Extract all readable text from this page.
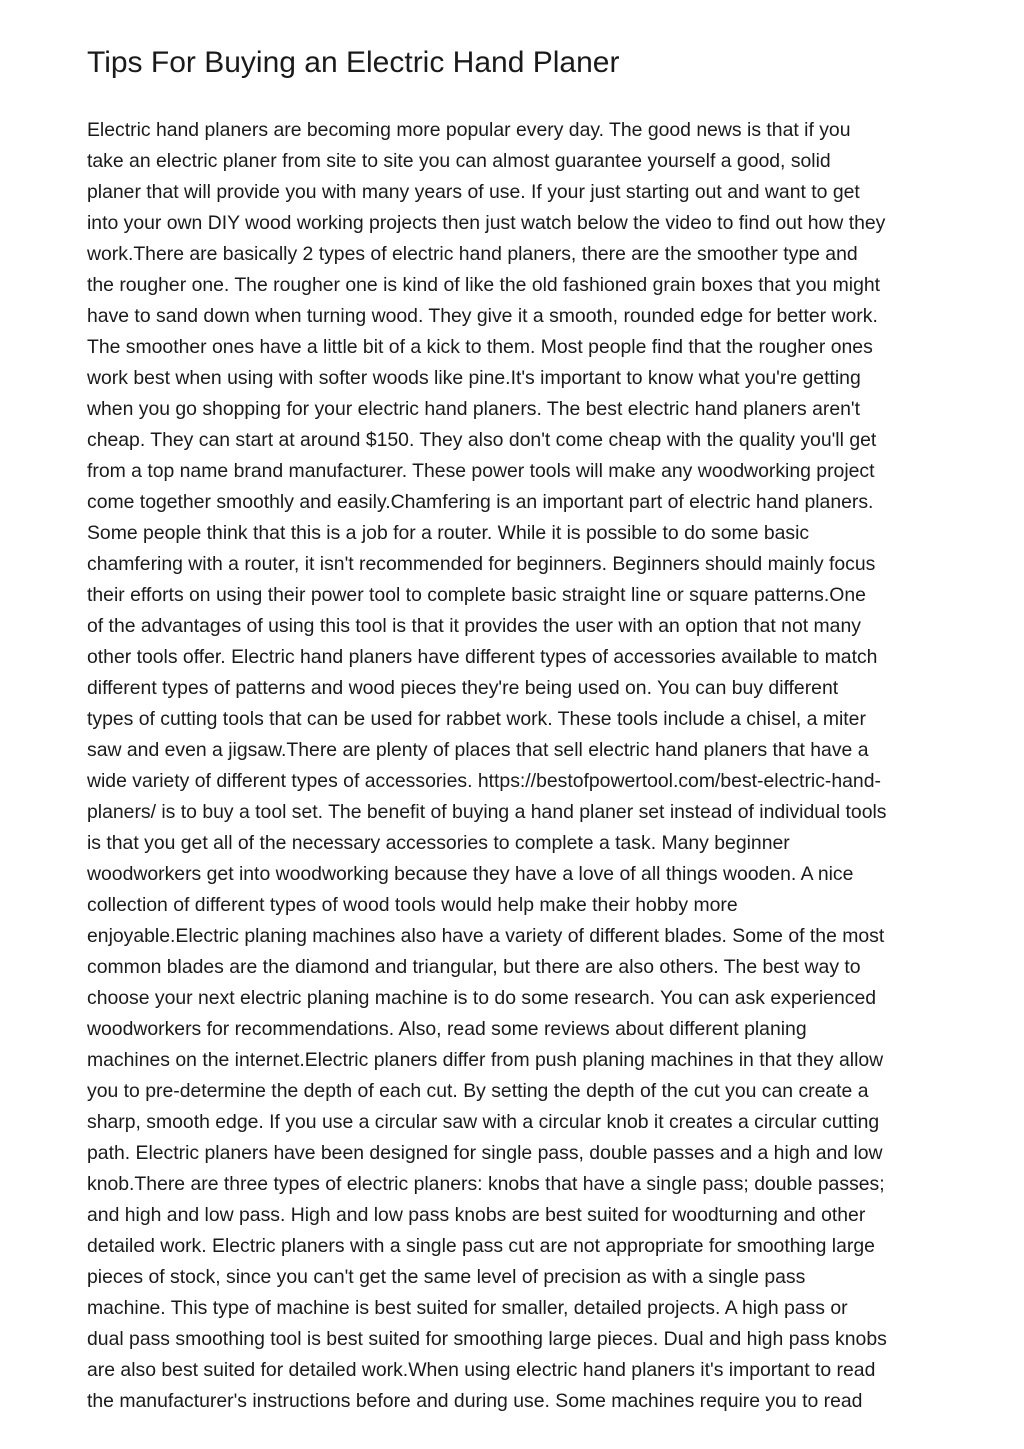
Tips For Buying an Electric Hand Planer
Electric hand planers are becoming more popular every day. The good news is that if you
take an electric planer from site to site you can almost guarantee yourself a good, solid
planer that will provide you with many years of use. If your just starting out and want to get
into your own DIY wood working projects then just watch below the video to find out how they
work.There are basically 2 types of electric hand planers, there are the smoother type and
the rougher one. The rougher one is kind of like the old fashioned grain boxes that you might
have to sand down when turning wood. They give it a smooth, rounded edge for better work.
The smoother ones have a little bit of a kick to them. Most people find that the rougher ones
work best when using with softer woods like pine.It's important to know what you're getting
when you go shopping for your electric hand planers. The best electric hand planers aren't
cheap. They can start at around $150. They also don't come cheap with the quality you'll get
from a top name brand manufacturer. These power tools will make any woodworking project
come together smoothly and easily.Chamfering is an important part of electric hand planers.
Some people think that this is a job for a router. While it is possible to do some basic
chamfering with a router, it isn't recommended for beginners. Beginners should mainly focus
their efforts on using their power tool to complete basic straight line or square patterns.One
of the advantages of using this tool is that it provides the user with an option that not many
other tools offer. Electric hand planers have different types of accessories available to match
different types of patterns and wood pieces they're being used on. You can buy different
types of cutting tools that can be used for rabbet work. These tools include a chisel, a miter
saw and even a jigsaw.There are plenty of places that sell electric hand planers that have a
wide variety of different types of accessories. https://bestofpowertool.com/best-electric-hand-
planers/ is to buy a tool set. The benefit of buying a hand planer set instead of individual tools
is that you get all of the necessary accessories to complete a task. Many beginner
woodworkers get into woodworking because they have a love of all things wooden. A nice
collection of different types of wood tools would help make their hobby more
enjoyable.Electric planing machines also have a variety of different blades. Some of the most
common blades are the diamond and triangular, but there are also others. The best way to
choose your next electric planing machine is to do some research. You can ask experienced
woodworkers for recommendations. Also, read some reviews about different planing
machines on the internet.Electric planers differ from push planing machines in that they allow
you to pre-determine the depth of each cut. By setting the depth of the cut you can create a
sharp, smooth edge. If you use a circular saw with a circular knob it creates a circular cutting
path. Electric planers have been designed for single pass, double passes and a high and low
knob.There are three types of electric planers: knobs that have a single pass; double passes;
and high and low pass. High and low pass knobs are best suited for woodturning and other
detailed work. Electric planers with a single pass cut are not appropriate for smoothing large
pieces of stock, since you can't get the same level of precision as with a single pass
machine. This type of machine is best suited for smaller, detailed projects. A high pass or
dual pass smoothing tool is best suited for smoothing large pieces. Dual and high pass knobs
are also best suited for detailed work.When using electric hand planers it's important to read
the manufacturer's instructions before and during use. Some machines require you to read
